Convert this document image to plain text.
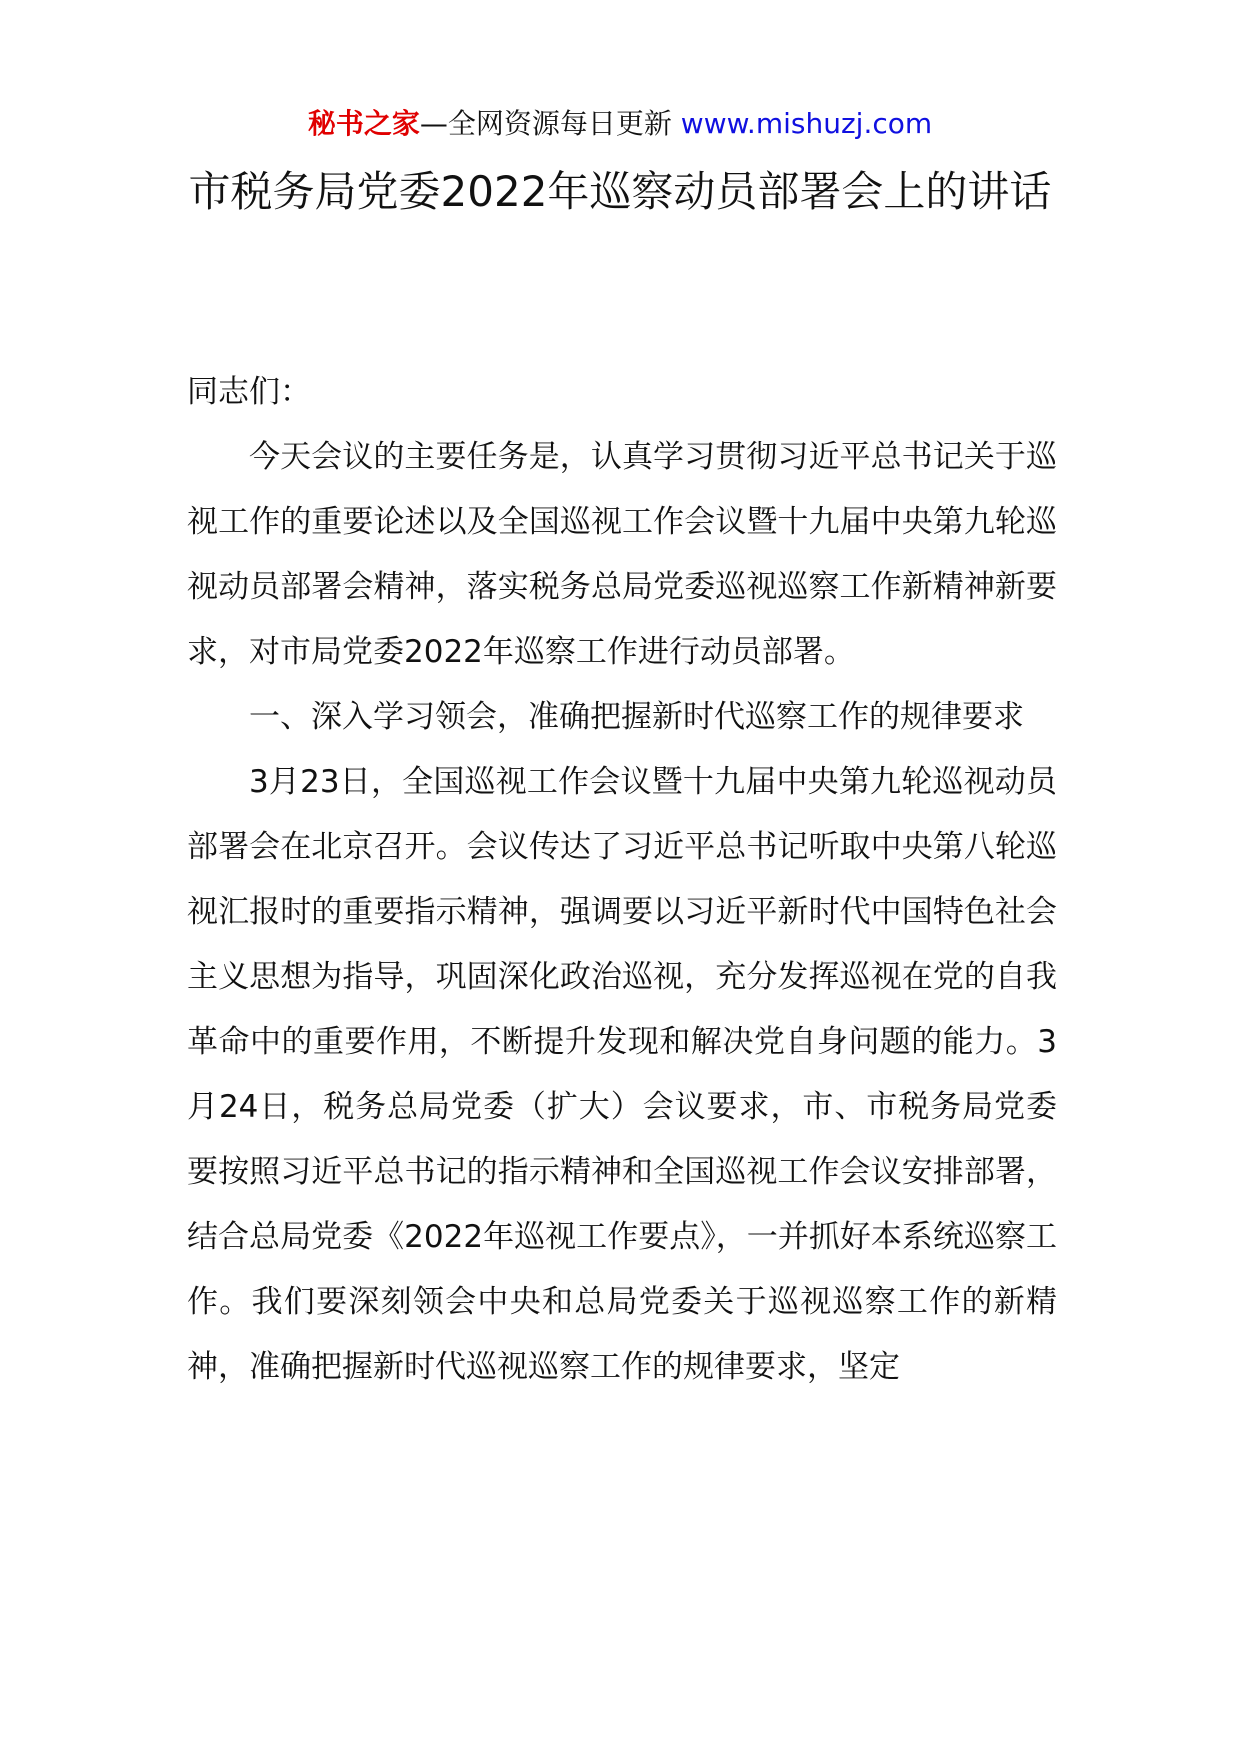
秘书之家—全网资源每日更新 www.mishuzj.com
市税务局党委2022年巡察动员部署会上的讲话

同志们：

今天会议的主要任务是，认真学习贯彻习近平总书记关于巡视工作的重要论述以及全国巡视工作会议暨十九届中央第九轮巡视动员部署会精神，落实税务总局党委巡视巡察工作新精神新要求，对市局党委2022年巡察工作进行动员部署。

一、深入学习领会，准确把握新时代巡察工作的规律要求

3月23日，全国巡视工作会议暨十九届中央第九轮巡视动员部署会在北京召开。会议传达了习近平总书记听取中央第八轮巡视汇报时的重要指示精神，强调要以习近平新时代中国特色社会主义思想为指导，巩固深化政治巡视，充分发挥巡视在党的自我革命中的重要作用，不断提升发现和解决党自身问题的能力。3月24日，税务总局党委（扩大）会议要求，市、市税务局党委要按照习近平总书记的指示精神和全国巡视工作会议安排部署，结合总局党委《2022年巡视工作要点》，一并抓好本系统巡察工作。我们要深刻领会中央和总局党委关于巡视巡察工作的新精神，准确把握新时代巡视巡察工作的规律要求，坚定
